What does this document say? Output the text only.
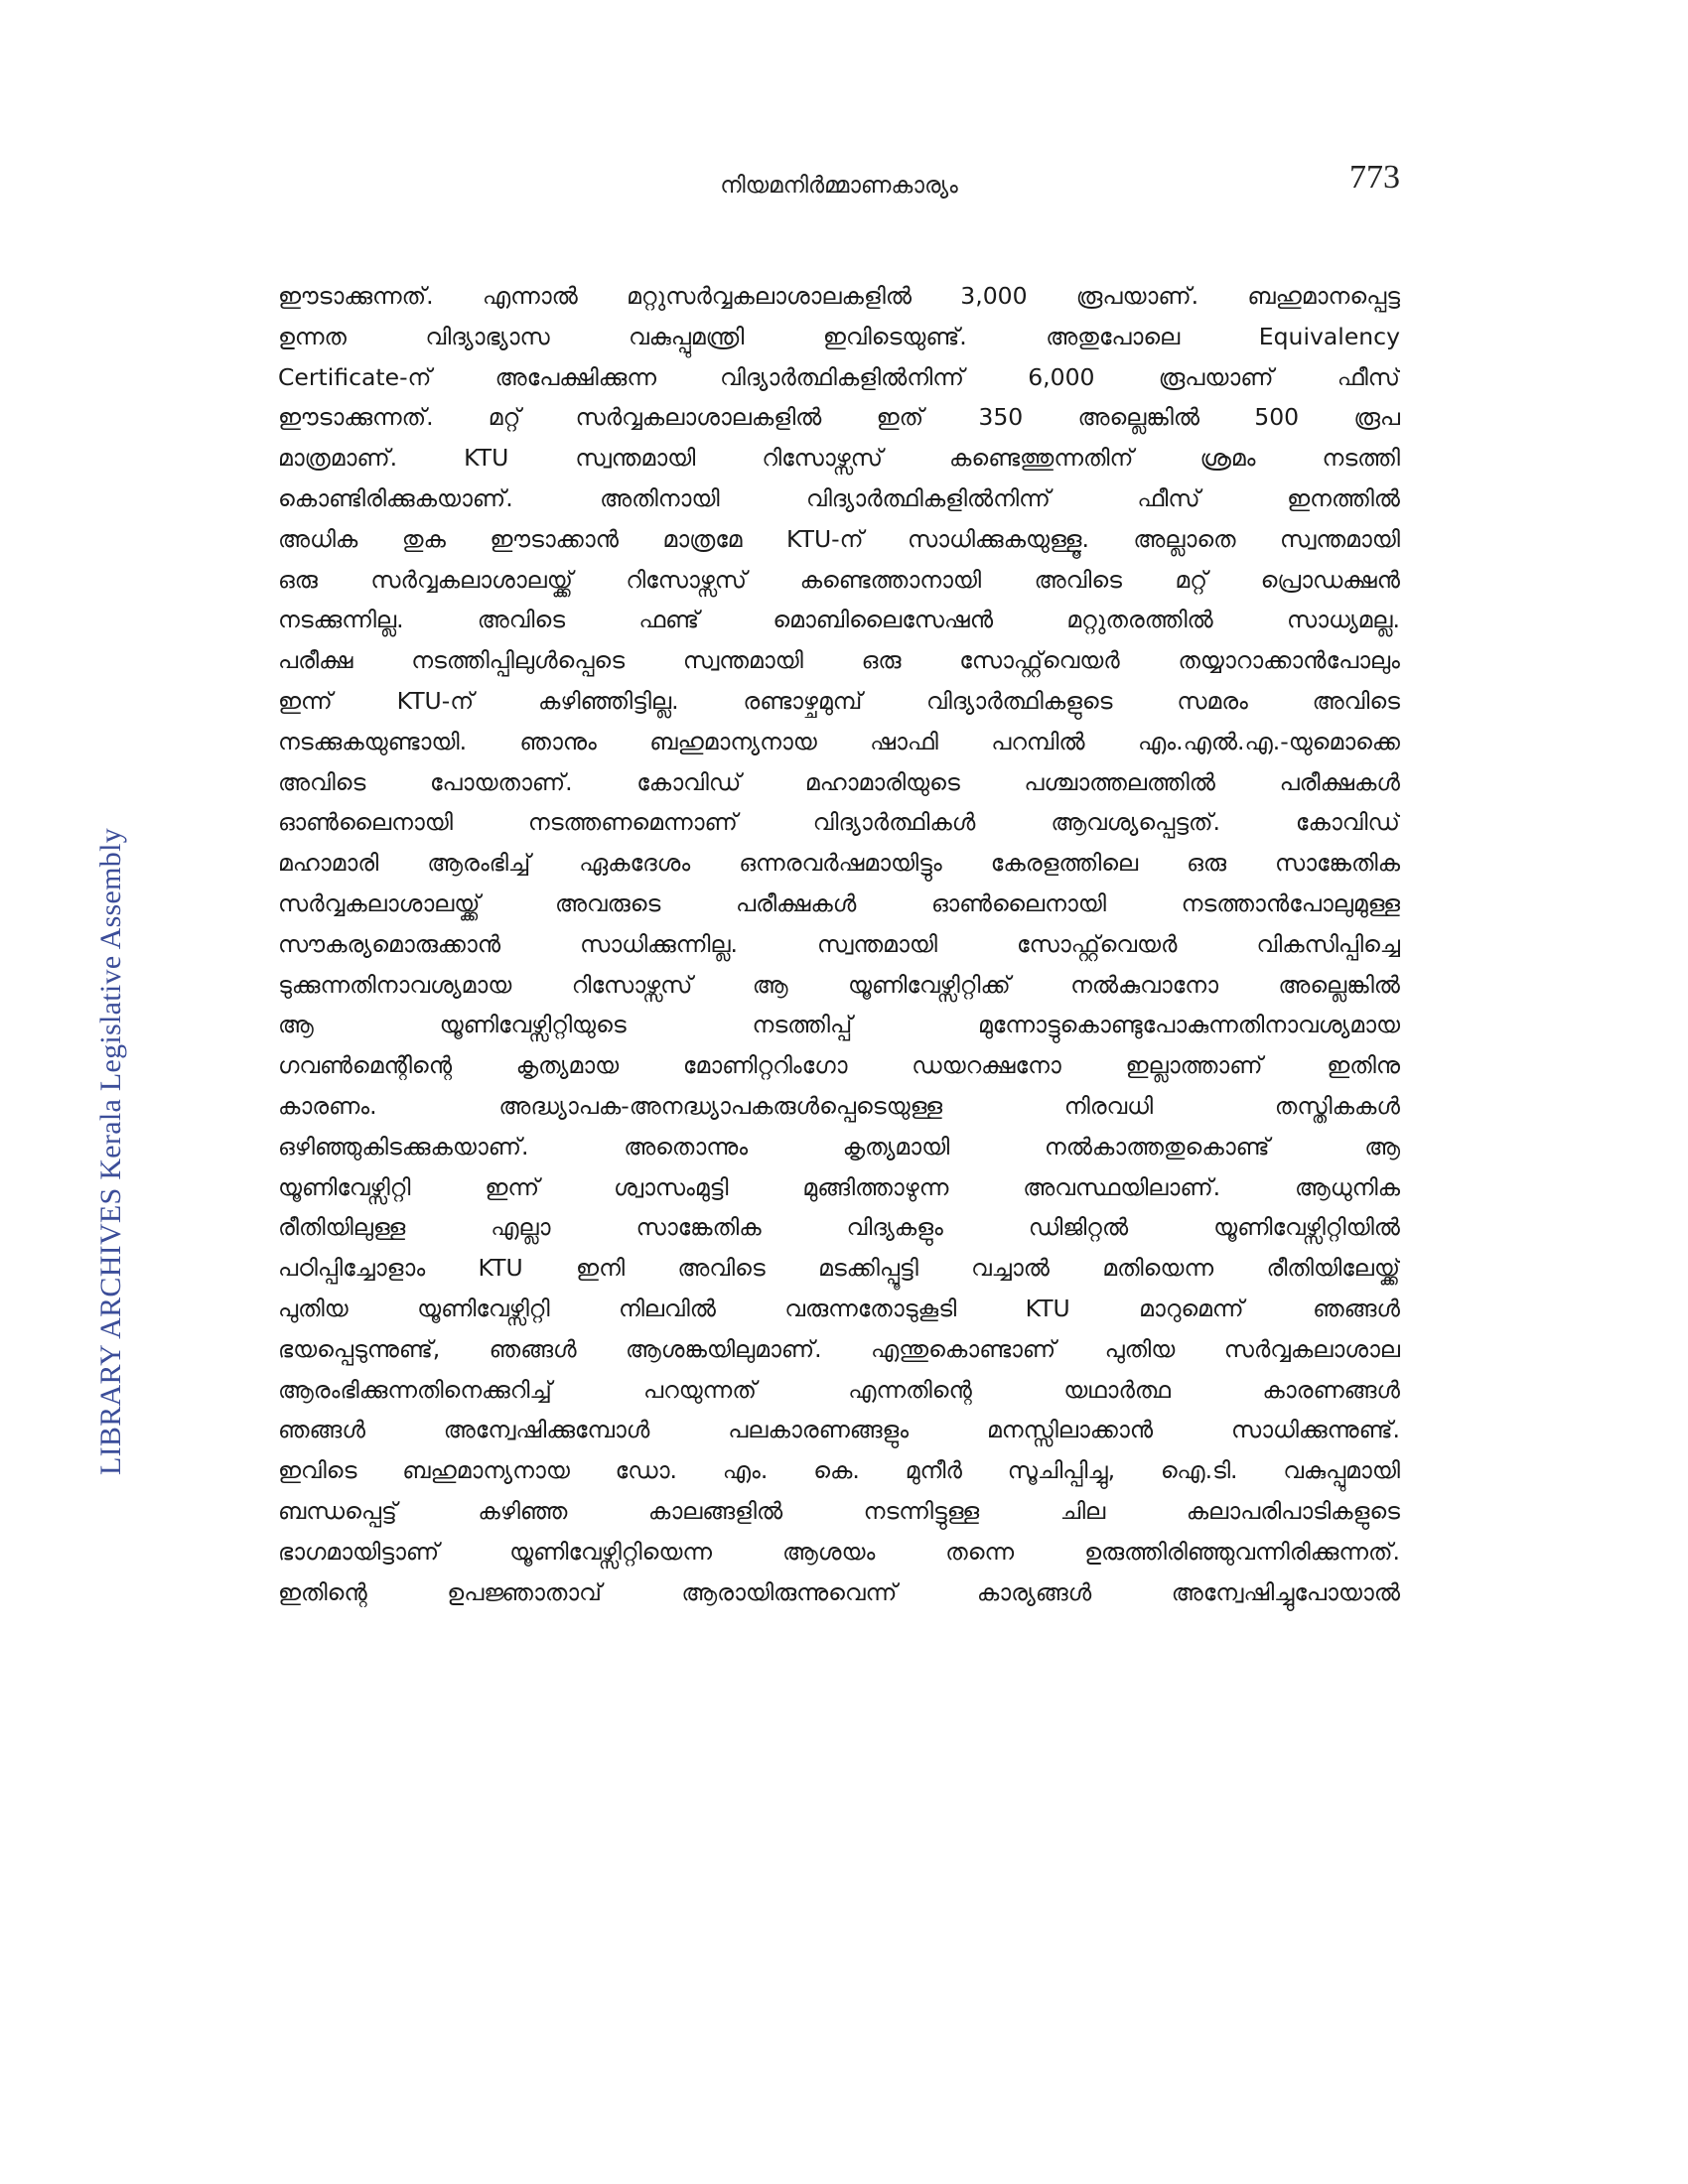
നിയമനിർമ്മാണകാര്യം	773
LIBRARY ARCHIVES Kerala Legislative Assembly
ഈടാക്കുന്നത്. എന്നാൽ മറ്റുസർവ്വകലാശാലകളിൽ 3,000 രൂപയാണ്. ബഹുമാനപ്പെട്ട
ഉന്നത വിദ്യാഭ്യാസ വകുപ്പുമന്ത്രി ഇവിടെയുണ്ട്. അതുപോലെ Equivalency
Certificate-ന് അപേക്ഷിക്കുന്ന വിദ്യാർത്ഥികളിൽനിന്ന് 6,000 രൂപയാണ് ഫീസ്
ഈടാക്കുന്നത്. മറ്റ് സർവ്വകലാശാലകളിൽ ഇത് 350 അല്ലെങ്കിൽ 500 രൂപ
മാത്രമാണ്. KTU സ്വന്തമായി റിസോഴ്സസ് കണ്ടെത്തുന്നതിന് ശ്രമം നടത്തി
കൊണ്ടിരിക്കുകയാണ്. അതിനായി വിദ്യാർത്ഥികളിൽനിന്ന് ഫീസ് ഇനത്തിൽ
അധിക തുക ഈടാക്കാൻ മാത്രമേ KTU-ന് സാധിക്കുകയുള്ളൂ. അല്ലാതെ സ്വന്തമായി
ഒരു സർവ്വകലാശാലയ്ക്ക് റിസോഴ്സസ് കണ്ടെത്താനായി അവിടെ മറ്റ് പ്രൊഡക്ഷൻ
നടക്കുന്നില്ല. അവിടെ ഫണ്ട് മൊബിലൈസേഷൻ മറ്റുതരത്തിൽ സാധ്യമല്ല.
പരീക്ഷ നടത്തിപ്പിലുൾപ്പെടെ സ്വന്തമായി ഒരു സോഫ്റ്റ്‌വെയർ തയ്യാറാക്കാൻപോലും
ഇന്ന് KTU-ന് കഴിഞ്ഞിട്ടില്ല. രണ്ടാഴ്ചമുമ്പ് വിദ്യാർത്ഥികളുടെ സമരം അവിടെ
നടക്കുകയുണ്ടായി. ഞാനും ബഹുമാന്യനായ ഷാഫി പറമ്പിൽ എം.എൽ.എ.-യുമൊക്കെ
അവിടെ പോയതാണ്. കോവിഡ് മഹാമാരിയുടെ പശ്ചാത്തലത്തിൽ പരീക്ഷകൾ
ഓൺലൈനായി നടത്തണമെന്നാണ് വിദ്യാർത്ഥികൾ ആവശ്യപ്പെട്ടത്. കോവിഡ്
മഹാമാരി ആരംഭിച്ച് ഏകദേശം ഒന്നരവർഷമായിട്ടും കേരളത്തിലെ ഒരു സാങ്കേതിക
സർവ്വകലാശാലയ്ക്ക് അവരുടെ പരീക്ഷകൾ ഓൺലൈനായി നടത്താൻപോലുമുള്ള
സൗകര്യമൊരുക്കാൻ സാധിക്കുന്നില്ല. സ്വന്തമായി സോഫ്റ്റ്‌വെയർ വികസിപ്പിച്ചെ
ടുക്കുന്നതിനാവശ്യമായ റിസോഴ്സസ് ആ യൂണിവേഴ്സിറ്റിക്ക് നൽകുവാനോ അല്ലെങ്കിൽ
ആ യൂണിവേഴ്സിറ്റിയുടെ നടത്തിപ്പ് മുന്നോട്ടുകൊണ്ടുപോകുന്നതിനാവശ്യമായ
ഗവൺമെന്റിന്റെ കൃത്യമായ മോണിറ്ററിംഗോ ഡയറക്ഷനോ ഇല്ലാത്താണ് ഇതിനു
കാരണം. അദ്ധ്യാപക-അനദ്ധ്യാപകരുൾപ്പെടെയുള്ള നിരവധി തസ്തികകൾ
ഒഴിഞ്ഞുകിടക്കുകയാണ്. അതൊന്നും കൃത്യമായി നൽകാത്തതുകൊണ്ട് ആ
യൂണിവേഴ്സിറ്റി ഇന്ന് ശ്വാസംമുട്ടി മുങ്ങിത്താഴുന്ന അവസ്ഥയിലാണ്. ആധുനിക
രീതിയിലുള്ള എല്ലാ സാങ്കേതിക വിദ്യകളും ഡിജിറ്റൽ യൂണിവേഴ്സിറ്റിയിൽ
പഠിപ്പിച്ചോളാം KTU ഇനി അവിടെ മടക്കിപ്പൂട്ടി വച്ചാൽ മതിയെന്ന രീതിയിലേയ്ക്ക്
പുതിയ യൂണിവേഴ്സിറ്റി നിലവിൽ വരുന്നതോടുകൂടി KTU മാറുമെന്ന് ഞങ്ങൾ
ഭയപ്പെടുന്നുണ്ട്, ഞങ്ങൾ ആശങ്കയിലുമാണ്. എന്തുകൊണ്ടാണ് പുതിയ സർവ്വകലാശാല
ആരംഭിക്കുന്നതിനെക്കുറിച്ച് പറയുന്നത് എന്നതിന്റെ യഥാർത്ഥ കാരണങ്ങൾ
ഞങ്ങൾ അന്വേഷിക്കുമ്പോൾ പലകാരണങ്ങളും മനസ്സിലാക്കാൻ സാധിക്കുന്നുണ്ട്.
ഇവിടെ ബഹുമാന്യനായ ഡോ. എം. കെ. മുനീർ സൂചിപ്പിച്ചു, ഐ.ടി. വകുപ്പുമായി
ബന്ധപ്പെട്ട് കഴിഞ്ഞ കാലങ്ങളിൽ നടന്നിട്ടുള്ള ചില കലാപരിപാടികളുടെ
ഭാഗമായിട്ടാണ് യൂണിവേഴ്സിറ്റിയെന്ന ആശയം തന്നെ ഉരുത്തിരിഞ്ഞുവന്നിരിക്കുന്നത്.
ഇതിന്റെ ഉപജ്ഞാതാവ് ആരായിരുന്നുവെന്ന് കാര്യങ്ങൾ അന്വേഷിച്ചുപോയാൽ
